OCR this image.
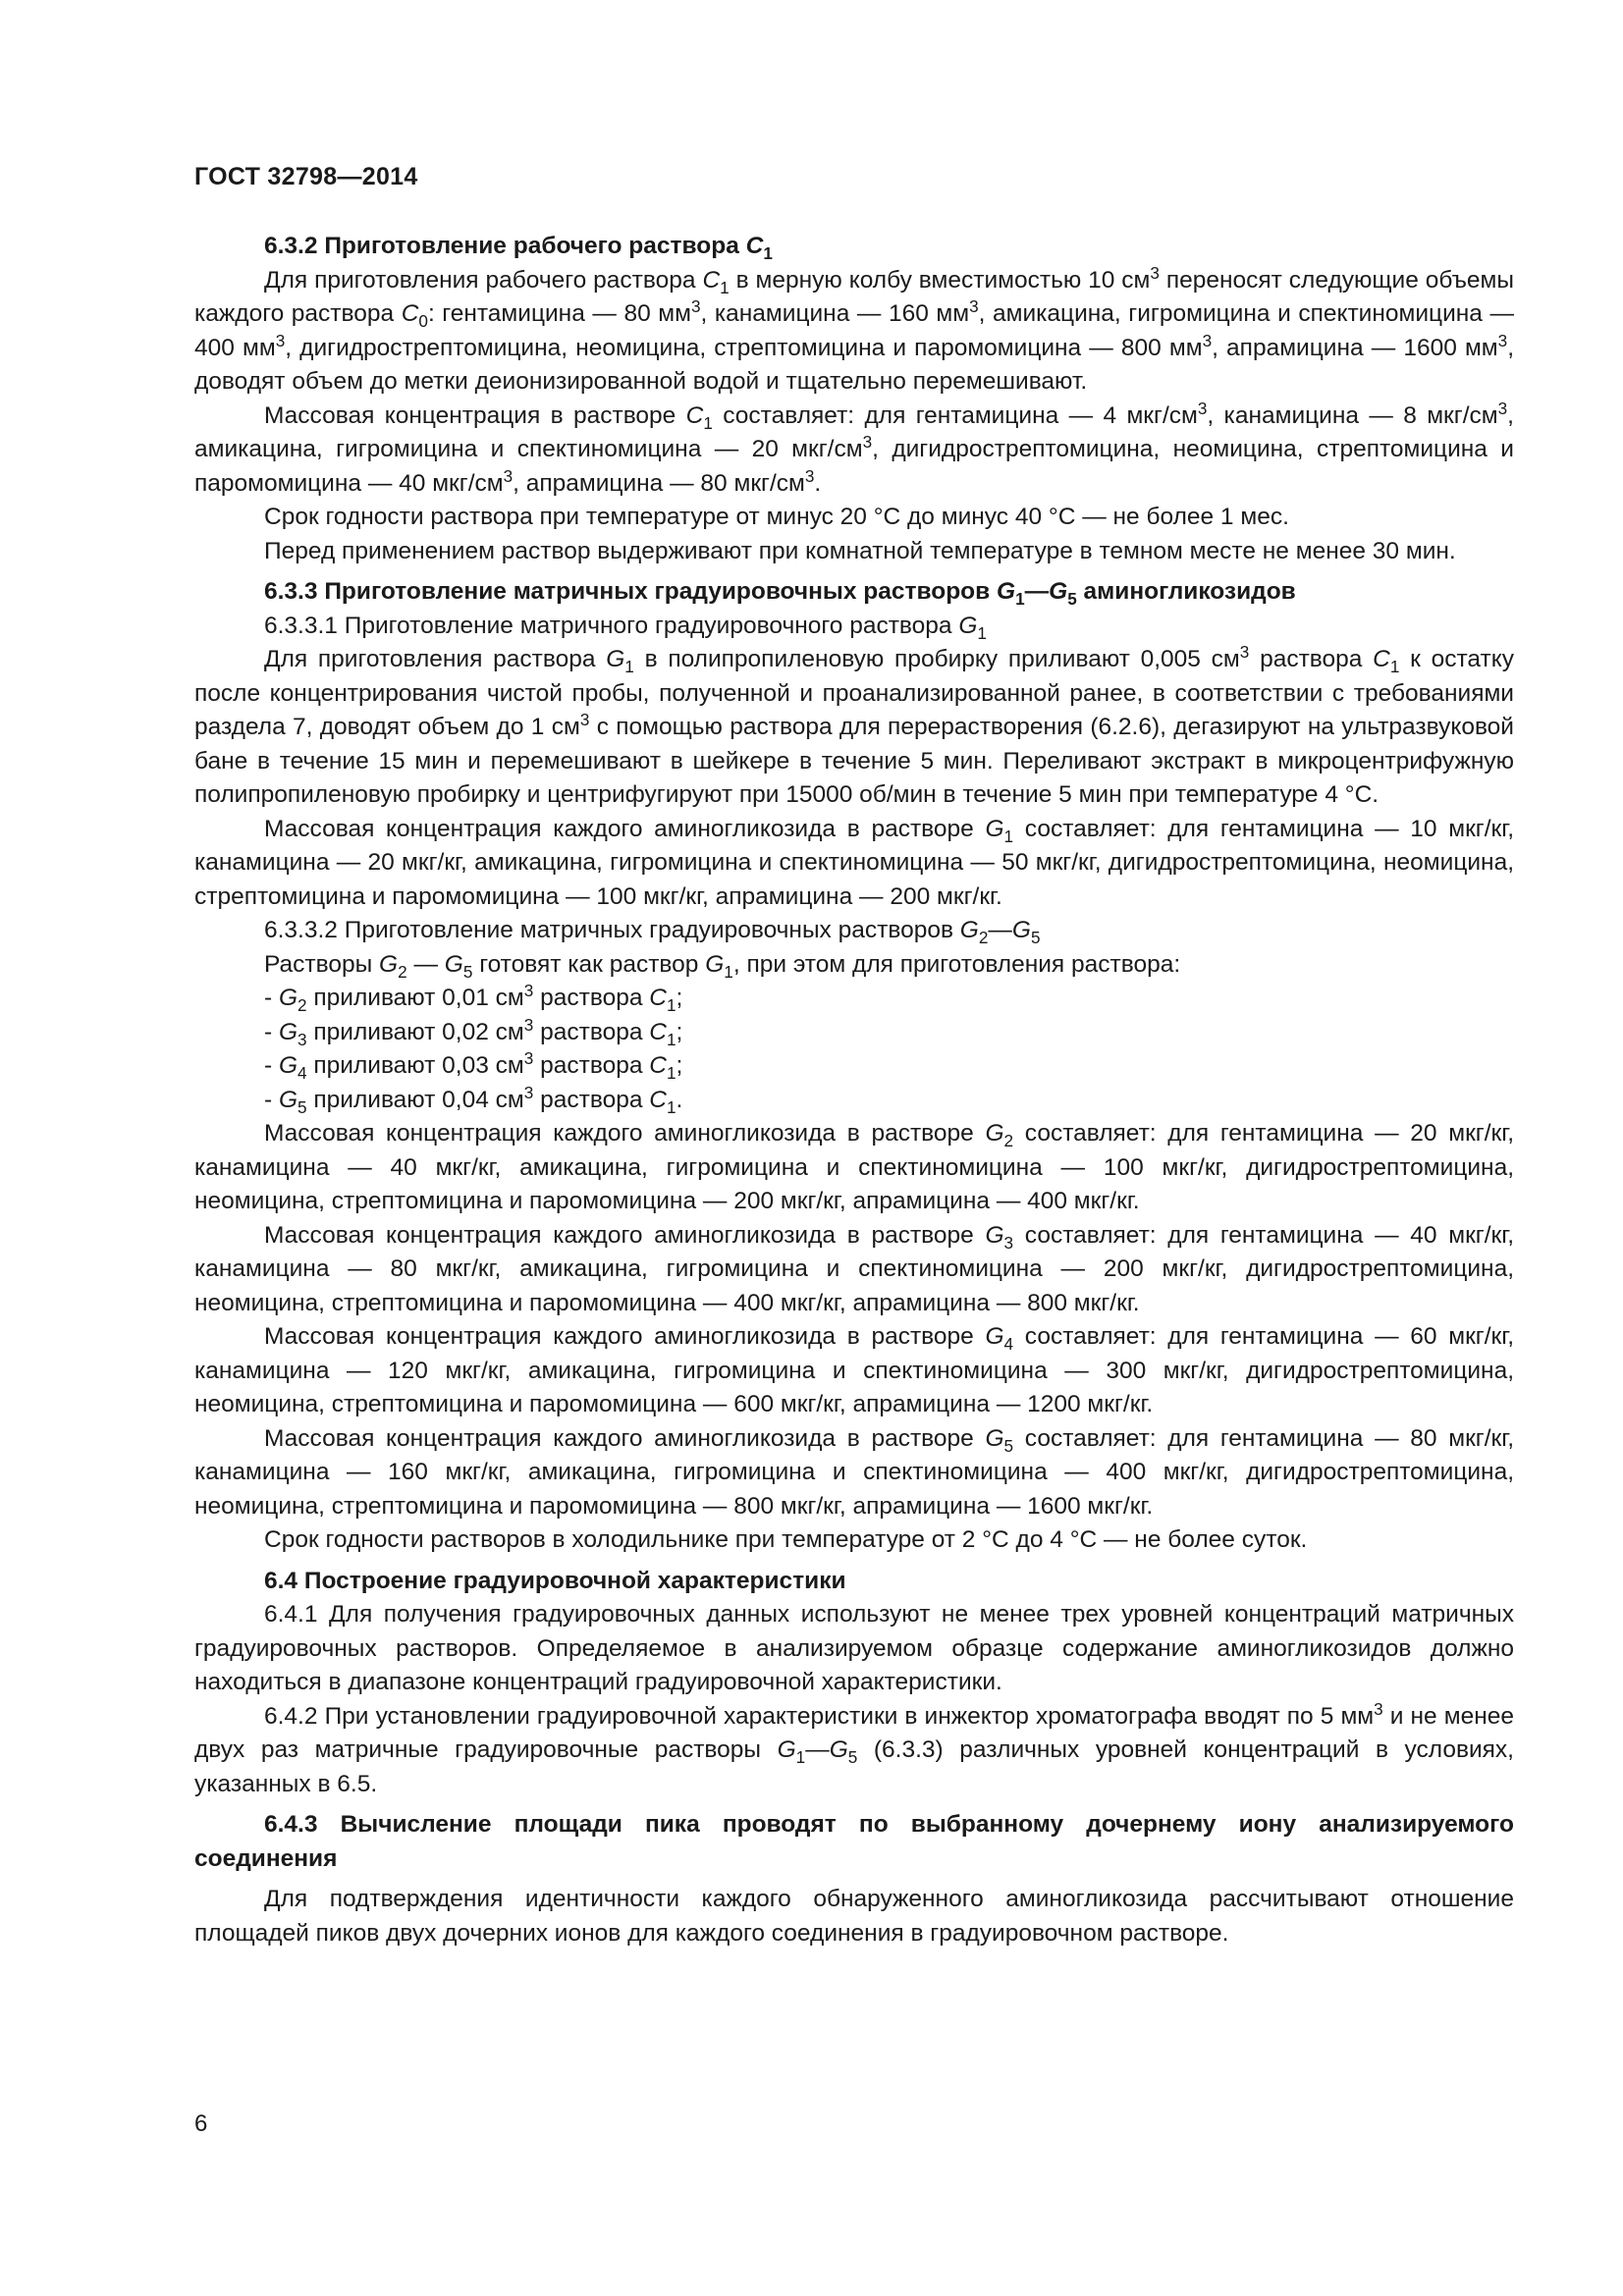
ГОСТ 32798—2014

6.3.2 Приготовление рабочего раствора $C_1$

Для приготовления рабочего раствора $C_1$ в мерную колбу вместимостью 10 $см^3$ переносят следующие объемы каждого раствора $C_0$: гентамицина — 80 $мм^3$, канамицина — 160 $мм^3$, амикацина, гигромицина и спектиномицина — 400 $мм^3$, дигидрострептомицина, неомицина, стрептомицина и паромомицина — 800 $мм^3$, апрамицина — 1600 $мм^3$, доводят объем до метки деионизированной водой и тщательно перемешивают.

Массовая концентрация в растворе $C_1$ составляет: для гентамицина — 4 мкг/$см^3$, канамицина — 8 мкг/$см^3$, амикацина, гигромицина и спектиномицина — 20 мкг/$см^3$, дигидрострептомицина, неомицина, стрептомицина и паромомицина — 40 мкг/$см^3$, апрамицина — 80 мкг/$см^3$.

Срок годности раствора при температуре от минус 20 °С до минус 40 °С — не более 1 мес.

Перед применением раствор выдерживают при комнатной температуре в темном месте не менее 30 мин.

6.3.3 Приготовление матричных градуировочных растворов $G_1—G_5$ аминогликозидов

6.3.3.1 Приготовление матричного градуировочного раствора $G_1$

Для приготовления раствора $G_1$ в полипропиленовую пробирку приливают 0,005 $см^3$ раствора $C_1$ к остатку после концентрирования чистой пробы, полученной и проанализированной ранее, в соответствии с требованиями раздела 7, доводят объем до 1 $см^3$ с помощью раствора для перерастворения (6.2.6), дегазируют на ультразвуковой бане в течение 15 мин и перемешивают в шейкере в течение 5 мин. Переливают экстракт в микроцентрифужную полипропиленовую пробирку и центрифугируют при 15000 об/мин в течение 5 мин при температуре 4 °С.

Массовая концентрация каждого аминогликозида в растворе $G_1$ составляет: для гентамицина — 10 мкг/кг, канамицина — 20 мкг/кг, амикацина, гигромицина и спектиномицина — 50 мкг/кг, дигидрострептомицина, неомицина, стрептомицина и паромомицина — 100 мкг/кг, апрамицина — 200 мкг/кг.

6.3.3.2 Приготовление матричных градуировочных растворов $G_2—G_5$

Растворы $G_2$ — $G_5$ готовят как раствор $G_1$, при этом для приготовления раствора:

- $G_2$ приливают 0,01 $см^3$ раствора $C_1$;

- $G_3$ приливают 0,02 $см^3$ раствора $C_1$;

- $G_4$ приливают 0,03 $см^3$ раствора $C_1$;

- $G_5$ приливают 0,04 $см^3$ раствора $C_1$.

Массовая концентрация каждого аминогликозида в растворе $G_2$ составляет: для гентамицина — 20 мкг/кг, канамицина — 40 мкг/кг, амикацина, гигромицина и спектиномицина — 100 мкг/кг, дигидрострептомицина, неомицина, стрептомицина и паромомицина — 200 мкг/кг, апрамицина — 400 мкг/кг.

Массовая концентрация каждого аминогликозида в растворе $G_3$ составляет: для гентамицина — 40 мкг/кг, канамицина — 80 мкг/кг, амикацина, гигромицина и спектиномицина — 200 мкг/кг, дигидрострептомицина, неомицина, стрептомицина и паромомицина — 400 мкг/кг, апрамицина — 800 мкг/кг.

Массовая концентрация каждого аминогликозида в растворе $G_4$ составляет: для гентамицина — 60 мкг/кг, канамицина — 120 мкг/кг, амикацина, гигромицина и спектиномицина — 300 мкг/кг, дигидрострептомицина, неомицина, стрептомицина и паромомицина — 600 мкг/кг, апрамицина — 1200 мкг/кг.

Массовая концентрация каждого аминогликозида в растворе $G_5$ составляет: для гентамицина — 80 мкг/кг, канамицина — 160 мкг/кг, амикацина, гигромицина и спектиномицина — 400 мкг/кг, дигидрострептомицина, неомицина, стрептомицина и паромомицина — 800 мкг/кг, апрамицина — 1600 мкг/кг.

Срок годности растворов в холодильнике при температуре от 2 °С до 4 °С — не более суток.

6.4 Построение градуировочной характеристики

6.4.1 Для получения градуировочных данных используют не менее трех уровней концентраций матричных градуировочных растворов. Определяемое в анализируемом образце содержание аминогликозидов должно находиться в диапазоне концентраций градуировочной характеристики.

6.4.2 При установлении градуировочной характеристики в инжектор хроматографа вводят по 5 $мм^3$ и не менее двух раз матричные градуировочные растворы $G_1—G_5$ (6.3.3) различных уровней концентраций в условиях, указанных в 6.5.

6.4.3 Вычисление площади пика проводят по выбранному дочернему иону анализируемого соединения

Для подтверждения идентичности каждого обнаруженного аминогликозида рассчитывают отношение площадей пиков двух дочерних ионов для каждого соединения в градуировочном растворе.

6
